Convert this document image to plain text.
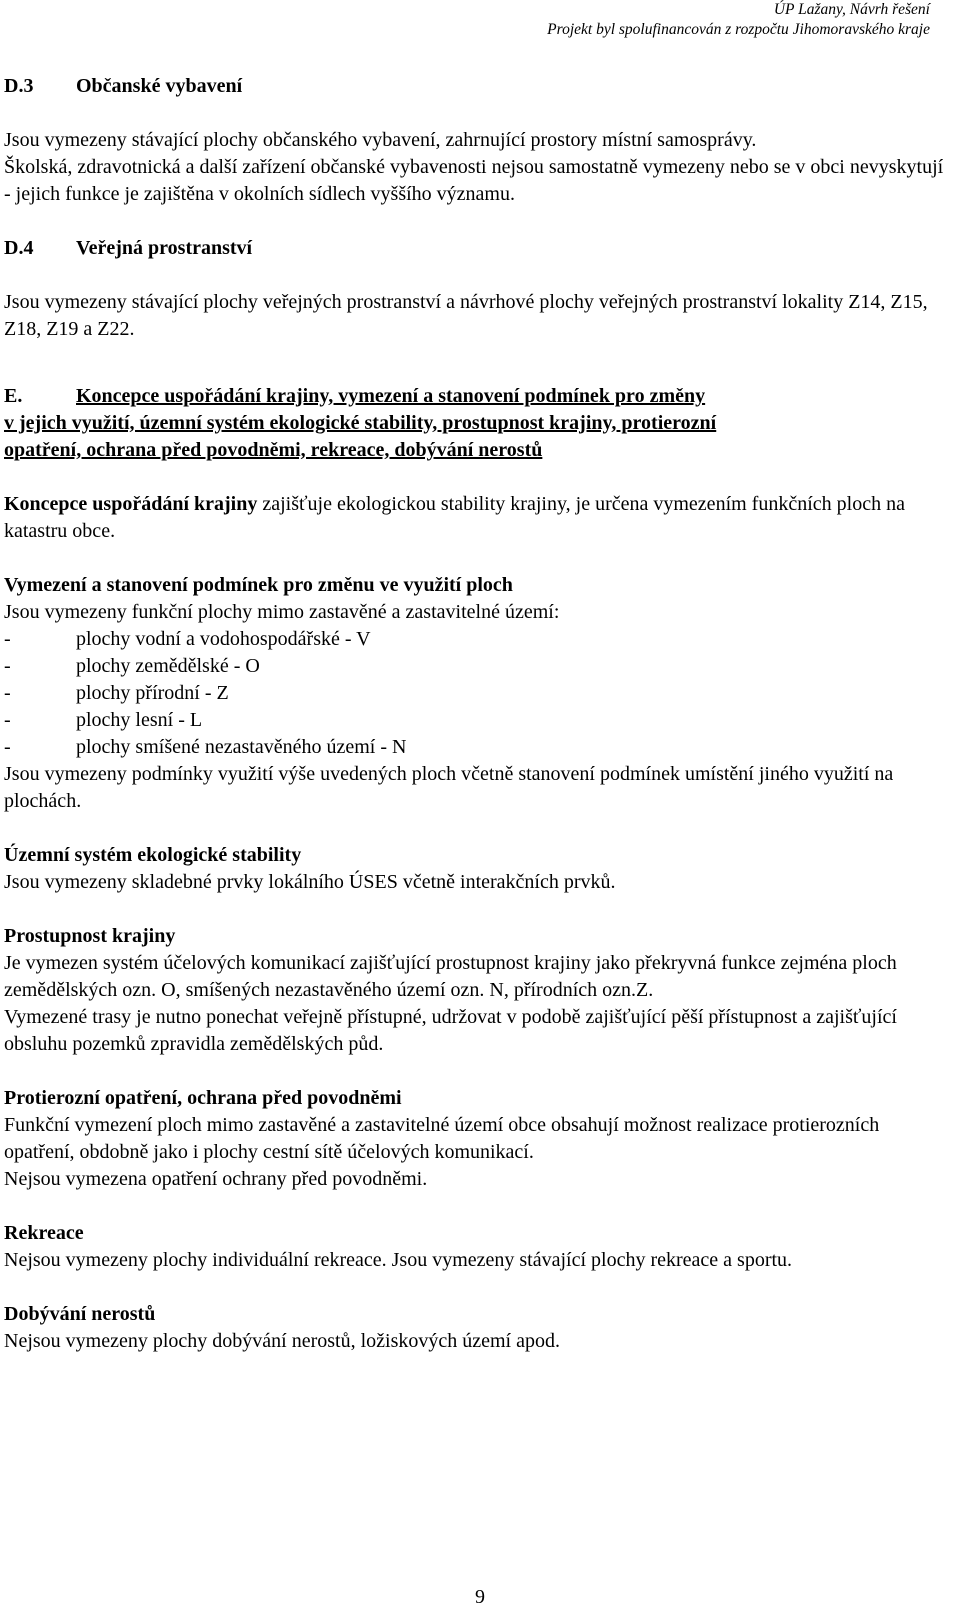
ÚP Lažany, Návrh řešení
Projekt byl spolufinancován z rozpočtu Jihomoravského kraje

D.3 Občanské vybavení

Jsou vymezeny stávající plochy občanského vybavení, zahrnující prostory místní samosprávy.

Školská, zdravotnická a další zařízení občanské vybavenosti nejsou samostatně vymezeny nebo se v obci nevyskytují - jejich funkce je zajištěna v okolních sídlech vyššího významu.

D.4 Veřejná prostranství

Jsou vymezeny stávající plochy veřejných prostranství a návrhové plochy veřejných prostranství lokality Z14, Z15, Z18, Z19 a Z22.

E.	Koncepce uspořádání krajiny, vymezení a stanovení podmínek pro změny
v jejich využití, územní systém ekologické stability, prostupnost krajiny, protierozní
opatření, ochrana před povodněmi, rekreace, dobývání nerostů

Koncepce uspořádání krajiny zajišťuje ekologickou stability krajiny, je určena vymezením funkčních ploch na katastru obce.

Vymezení a stanovení podmínek pro změnu ve využití ploch

Jsou vymezeny funkční plochy mimo zastavěné a zastavitelné území:

-	plochy vodní a vodohospodářské - V
-	plochy zemědělské - O
-	plochy přírodní - Z
-	plochy lesní - L
-	plochy smíšené nezastavěného území - N

Jsou vymezeny podmínky využití výše uvedených ploch včetně stanovení podmínek umístění jiného využití na plochách.

Územní systém ekologické stability

Jsou vymezeny skladebné prvky lokálního ÚSES včetně interakčních prvků.

Prostupnost krajiny

Je vymezen systém účelových komunikací zajišťující prostupnost krajiny jako překryvná funkce zejména ploch zemědělských ozn. O, smíšených nezastavěného území ozn. N, přírodních ozn.Z.

Vymezené trasy je nutno ponechat veřejně přístupné, udržovat v podobě zajišťující pěší přístupnost a zajišťující obsluhu pozemků zpravidla zemědělských půd.

Protierozní opatření, ochrana před povodněmi

Funkční vymezení ploch mimo zastavěné a zastavitelné území obce obsahují možnost realizace protierozních opatření, obdobně jako i plochy cestní sítě účelových komunikací.

Nejsou vymezena opatření ochrany před povodněmi.

Rekreace

Nejsou vymezeny plochy individuální rekreace. Jsou vymezeny stávající plochy rekreace a sportu.

Dobývání nerostů

Nejsou vymezeny plochy dobývání nerostů, ložiskových území apod.

9
